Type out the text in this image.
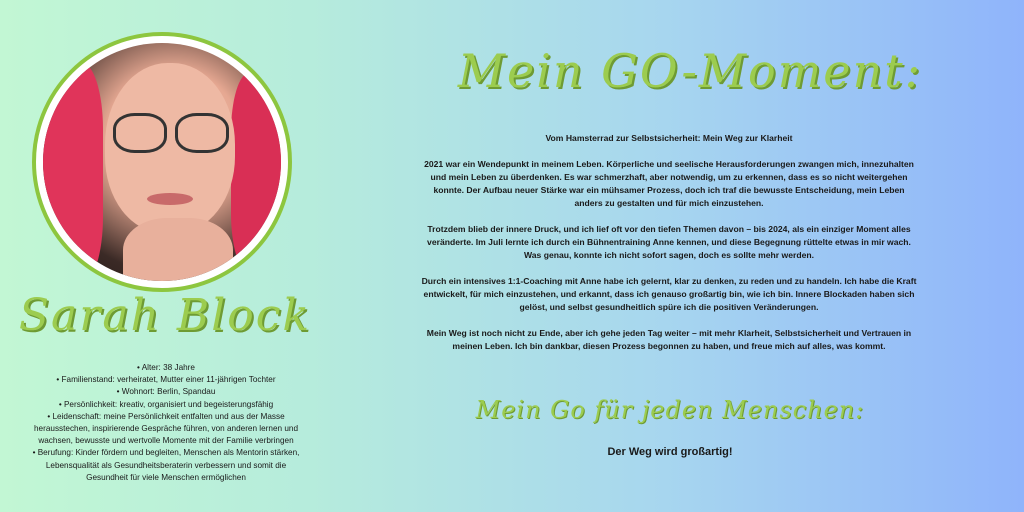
Sarah Block
• Alter: 38 Jahre
• Familienstand: verheiratet, Mutter einer 11-jährigen Tochter
• Wohnort: Berlin, Spandau
• Persönlichkeit: kreativ, organisiert und begeisterungsfähig
• Leidenschaft: meine Persönlichkeit entfalten und aus der Masse herausstechen, inspirierende Gespräche führen, von anderen lernen und wachsen, bewusste und wertvolle Momente mit der Familie verbringen
• Berufung: Kinder fördern und begleiten, Menschen als Mentorin stärken, Lebensqualität als Gesundheitsberaterin verbessern und somit die Gesundheit für viele Menschen ermöglichen
Mein GO-Moment:

Vom Hamsterrad zur Selbstsicherheit: Mein Weg zur Klarheit

2021 war ein Wendepunkt in meinem Leben. Körperliche und seelische Herausforderungen zwangen mich, innezuhalten und mein Leben zu überdenken. Es war schmerzhaft, aber notwendig, um zu erkennen, dass es so nicht weitergehen konnte. Der Aufbau neuer Stärke war ein mühsamer Prozess, doch ich traf die bewusste Entscheidung, mein Leben anders zu gestalten und für mich einzustehen.

Trotzdem blieb der innere Druck, und ich lief oft vor den tiefen Themen davon – bis 2024, als ein einziger Moment alles veränderte. Im Juli lernte ich durch ein Bühnentraining Anne kennen, und diese Begegnung rüttelte etwas in mir wach. Was genau, konnte ich nicht sofort sagen, doch es sollte mehr werden.

Durch ein intensives 1:1-Coaching mit Anne habe ich gelernt, klar zu denken, zu reden und zu handeln. Ich habe die Kraft entwickelt, für mich einzustehen, und erkannt, dass ich genauso großartig bin, wie ich bin. Innere Blockaden haben sich gelöst, und selbst gesundheitlich spüre ich die positiven Veränderungen.

Mein Weg ist noch nicht zu Ende, aber ich gehe jeden Tag weiter – mit mehr Klarheit, Selbstsicherheit und Vertrauen in meinen Leben. Ich bin dankbar, diesen Prozess begonnen zu haben, und freue mich auf alles, was kommt.

Mein Go für jeden Menschen:
Der Weg wird großartig!
